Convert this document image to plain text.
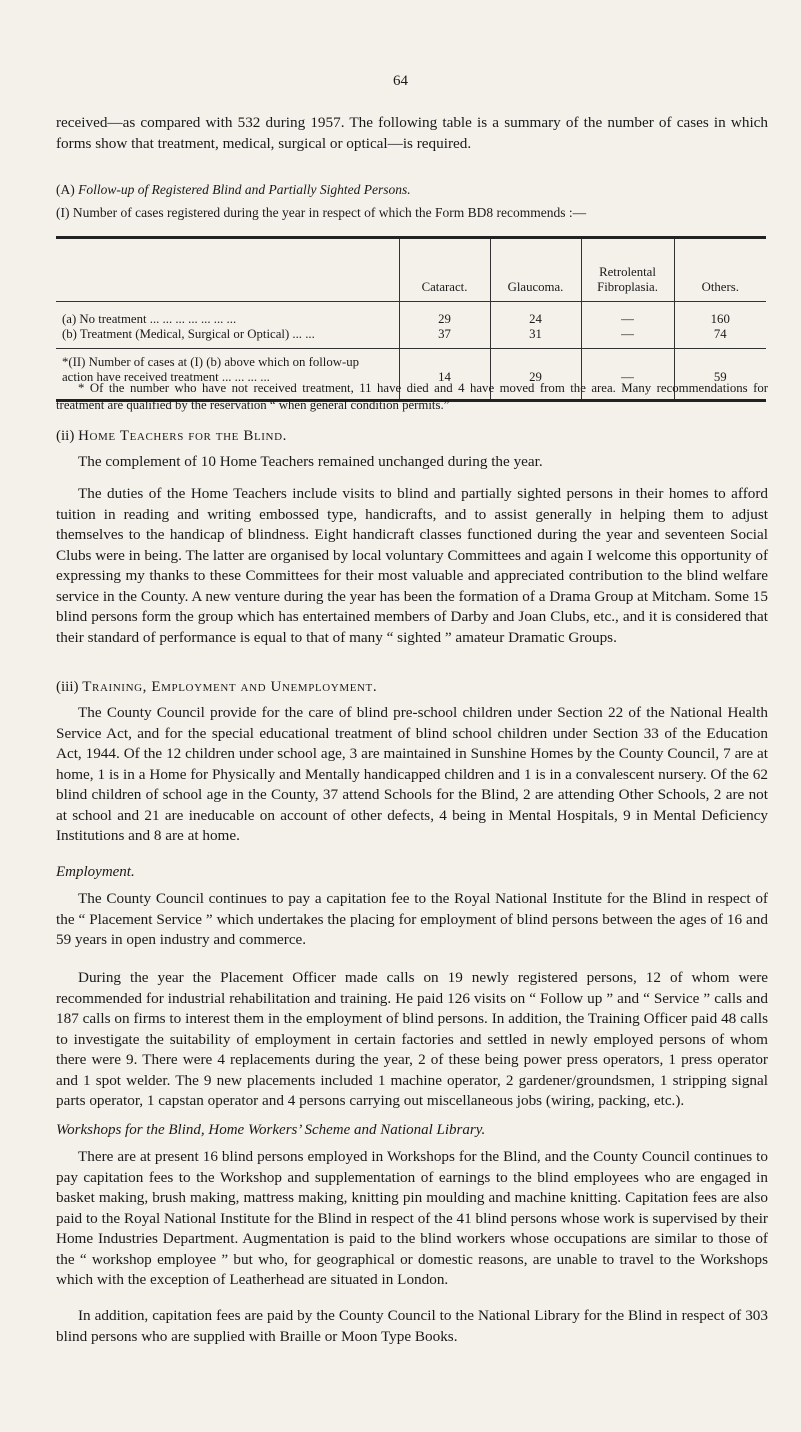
64

received—as compared with 532 during 1957. The following table is a summary of the number of cases in which forms show that treatment, medical, surgical or optical—is required.

(A) Follow-up of Registered Blind and Partially Sighted Persons.

(I) Number of cases registered during the year in respect of which the Form BD8 recommends :—

	Cataract.	Glaucoma.	Retrolental Fibroplasia.	Others.
(a) No treatment ... ... ... ... ... ... ...	29	24	—	160
(b) Treatment (Medical, Surgical or Optical) ... ...	37	31	—	74
*(II) Number of cases at (I) (b) above which on follow-up action have received treatment ... ... ... ...	14	29	—	59

* Of the number who have not received treatment, 11 have died and 4 have moved from the area. Many recommendations for treatment are qualified by the reservation “ when general condition permits.”

(ii) Home Teachers for the Blind.

The complement of 10 Home Teachers remained unchanged during the year.

The duties of the Home Teachers include visits to blind and partially sighted persons in their homes to afford tuition in reading and writing embossed type, handicrafts, and to assist generally in helping them to adjust themselves to the handicap of blindness. Eight handicraft classes functioned during the year and seventeen Social Clubs were in being. The latter are organised by local voluntary Committees and again I welcome this opportunity of expressing my thanks to these Committees for their most valuable and appreciated contribution to the blind welfare service in the County. A new venture during the year has been the formation of a Drama Group at Mitcham. Some 15 blind persons form the group which has entertained members of Darby and Joan Clubs, etc., and it is considered that their standard of performance is equal to that of many “ sighted ” amateur Dramatic Groups.

(iii) Training, Employment and Unemployment.

The County Council provide for the care of blind pre-school children under Section 22 of the National Health Service Act, and for the special educational treatment of blind school children under Section 33 of the Education Act, 1944. Of the 12 children under school age, 3 are maintained in Sunshine Homes by the County Council, 7 are at home, 1 is in a Home for Physically and Mentally handicapped children and 1 is in a convalescent nursery. Of the 62 blind children of school age in the County, 37 attend Schools for the Blind, 2 are attending Other Schools, 2 are not at school and 21 are ineducable on account of other defects, 4 being in Mental Hospitals, 9 in Mental Deficiency Institutions and 8 are at home.

Employment.

The County Council continues to pay a capitation fee to the Royal National Institute for the Blind in respect of the “ Placement Service ” which undertakes the placing for employment of blind persons between the ages of 16 and 59 years in open industry and commerce.

During the year the Placement Officer made calls on 19 newly registered persons, 12 of whom were recommended for industrial rehabilitation and training. He paid 126 visits on “ Follow up ” and “ Service ” calls and 187 calls on firms to interest them in the employment of blind persons. In addition, the Training Officer paid 48 calls to investigate the suitability of employment in certain factories and settled in newly employed persons of whom there were 9. There were 4 replacements during the year, 2 of these being power press operators, 1 press operator and 1 spot welder. The 9 new placements included 1 machine operator, 2 gardener/groundsmen, 1 stripping signal parts operator, 1 capstan operator and 4 persons carrying out miscellaneous jobs (wiring, packing, etc.).

Workshops for the Blind, Home Workers’ Scheme and National Library.

There are at present 16 blind persons employed in Workshops for the Blind, and the County Council continues to pay capitation fees to the Workshop and supplementation of earnings to the blind employees who are engaged in basket making, brush making, mattress making, knitting pin moulding and machine knitting. Capitation fees are also paid to the Royal National Institute for the Blind in respect of the 41 blind persons whose work is supervised by their Home Industries Department. Augmentation is paid to the blind workers whose occupations are similar to those of the “ workshop employee ” but who, for geographical or domestic reasons, are unable to travel to the Workshops which with the exception of Leatherhead are situated in London.

In addition, capitation fees are paid by the County Council to the National Library for the Blind in respect of 303 blind persons who are supplied with Braille or Moon Type Books.
